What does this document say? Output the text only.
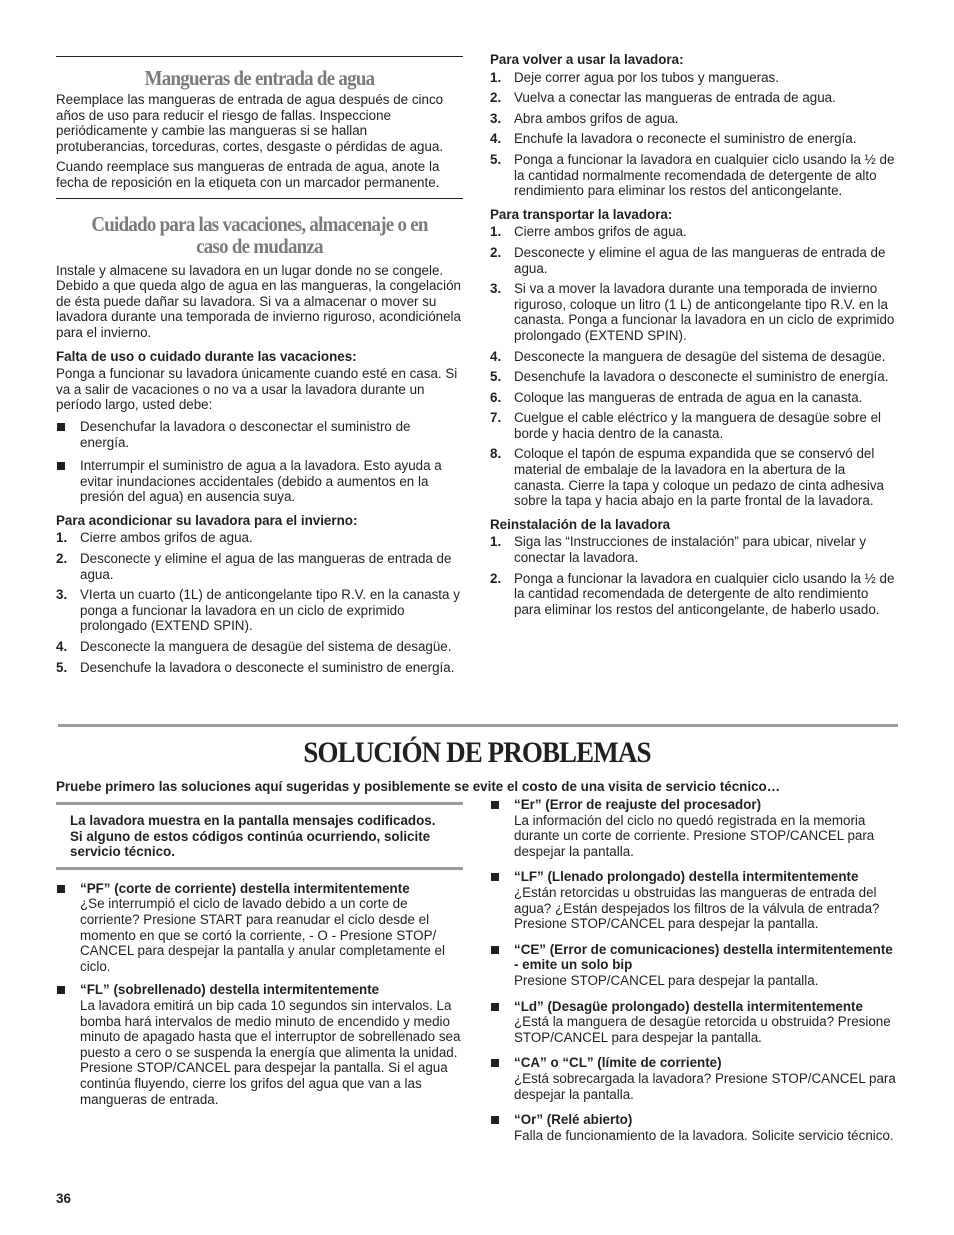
Mangueras de entrada de agua

Reemplace las mangueras de entrada de agua después de cinco años de uso para reducir el riesgo de fallas. Inspeccione periódicamente y cambie las mangueras si se hallan protuberancias, torceduras, cortes, desgaste o pérdidas de agua.

Cuando reemplace sus mangueras de entrada de agua, anote la fecha de reposición en la etiqueta con un marcador permanente.

Cuidado para las vacaciones, almacenaje o en caso de mudanza

Instale y almacene su lavadora en un lugar donde no se congele. Debido a que queda algo de agua en las mangueras, la congelación de ésta puede dañar su lavadora. Si va a almacenar o mover su lavadora durante una temporada de invierno riguroso, acondiciónela para el invierno.

Falta de uso o cuidado durante las vacaciones:

Ponga a funcionar su lavadora únicamente cuando esté en casa. Si va a salir de vacaciones o no va a usar la lavadora durante un período largo, usted debe:

Desenchufar la lavadora o desconectar el suministro de energía.
Interrumpir el suministro de agua a la lavadora. Esto ayuda a evitar inundaciones accidentales (debido a aumentos en la presión del agua) en ausencia suya.
Para acondicionar su lavadora para el invierno:
1. Cierre ambos grifos de agua.
2. Desconecte y elimine el agua de las mangueras de entrada de agua.
3. VIerta un cuarto (1L) de anticongelante tipo R.V. en la canasta y ponga a funcionar la lavadora en un ciclo de exprimido prolongado (EXTEND SPIN).
4. Desconecte la manguera de desagüe del sistema de desagüe.
5. Desenchufe la lavadora o desconecte el suministro de energía.
Para volver a usar la lavadora:
1. Deje correr agua por los tubos y mangueras.
2. Vuelva a conectar las mangueras de entrada de agua.
3. Abra ambos grifos de agua.
4. Enchufe la lavadora o reconecte el suministro de energía.
5. Ponga a funcionar la lavadora en cualquier ciclo usando la ½ de la cantidad normalmente recomendada de detergente de alto rendimiento para eliminar los restos del anticongelante.
Para transportar la lavadora:
1. Cierre ambos grifos de agua.
2. Desconecte y elimine el agua de las mangueras de entrada de agua.
3. Si va a mover la lavadora durante una temporada de invierno riguroso, coloque un litro (1 L) de anticongelante tipo R.V. en la canasta. Ponga a funcionar la lavadora en un ciclo de exprimido prolongado (EXTEND SPIN).
4. Desconecte la manguera de desagüe del sistema de desagüe.
5. Desenchufe la lavadora o desconecte el suministro de energía.
6. Coloque las mangueras de entrada de agua en la canasta.
7. Cuelgue el cable eléctrico y la manguera de desagüe sobre el borde y hacia dentro de la canasta.
8. Coloque el tapón de espuma expandida que se conservó del material de embalaje de la lavadora en la abertura de la canasta. Cierre la tapa y coloque un pedazo de cinta adhesiva sobre la tapa y hacia abajo en la parte frontal de la lavadora.
Reinstalación de la lavadora
1. Siga las “Instrucciones de instalación” para ubicar, nivelar y conectar la lavadora.
2. Ponga a funcionar la lavadora en cualquier ciclo usando la ½ de la cantidad recomendada de detergente de alto rendimiento para eliminar los restos del anticongelante, de haberlo usado.
SOLUCIÓN DE PROBLEMAS
Pruebe primero las soluciones aquí sugeridas y posiblemente se evite el costo de una visita de servicio técnico…
La lavadora muestra en la pantalla mensajes codificados.
Si alguno de estos códigos continúa ocurriendo, solicite servicio técnico.
“PF” (corte de corriente) destella intermitentemente
¿Se interrumpió el ciclo de lavado debido a un corte de corriente? Presione START para reanudar el ciclo desde el momento en que se cortó la corriente, - O - Presione STOP/ CANCEL para despejar la pantalla y anular completamente el ciclo.
“FL” (sobrellenado) destella intermitentemente
La lavadora emitirá un bip cada 10 segundos sin intervalos. La bomba hará intervalos de medio minuto de encendido y medio minuto de apagado hasta que el interruptor de sobrellenado sea puesto a cero o se suspenda la energía que alimenta la unidad. Presione STOP/CANCEL para despejar la pantalla. Si el agua continúa fluyendo, cierre los grifos del agua que van a las mangueras de entrada.
“Er” (Error de reajuste del procesador)
La información del ciclo no quedó registrada en la memoria durante un corte de corriente. Presione STOP/CANCEL para despejar la pantalla.
“LF” (Llenado prolongado) destella intermitentemente
¿Están retorcidas u obstruidas las mangueras de entrada del agua? ¿Están despejados los filtros de la válvula de entrada? Presione STOP/CANCEL para despejar la pantalla.
“CE” (Error de comunicaciones) destella intermitentemente - emite un solo bip
Presione STOP/CANCEL para despejar la pantalla.
“Ld” (Desagüe prolongado) destella intermitentemente
¿Está la manguera de desagüe retorcida u obstruida? Presione STOP/CANCEL para despejar la pantalla.
“CA” o “CL” (límite de corriente)
¿Está sobrecargada la lavadora? Presione STOP/CANCEL para despejar la pantalla.
“Or” (Relé abierto)
Falla de funcionamiento de la lavadora. Solicite servicio técnico.
36
